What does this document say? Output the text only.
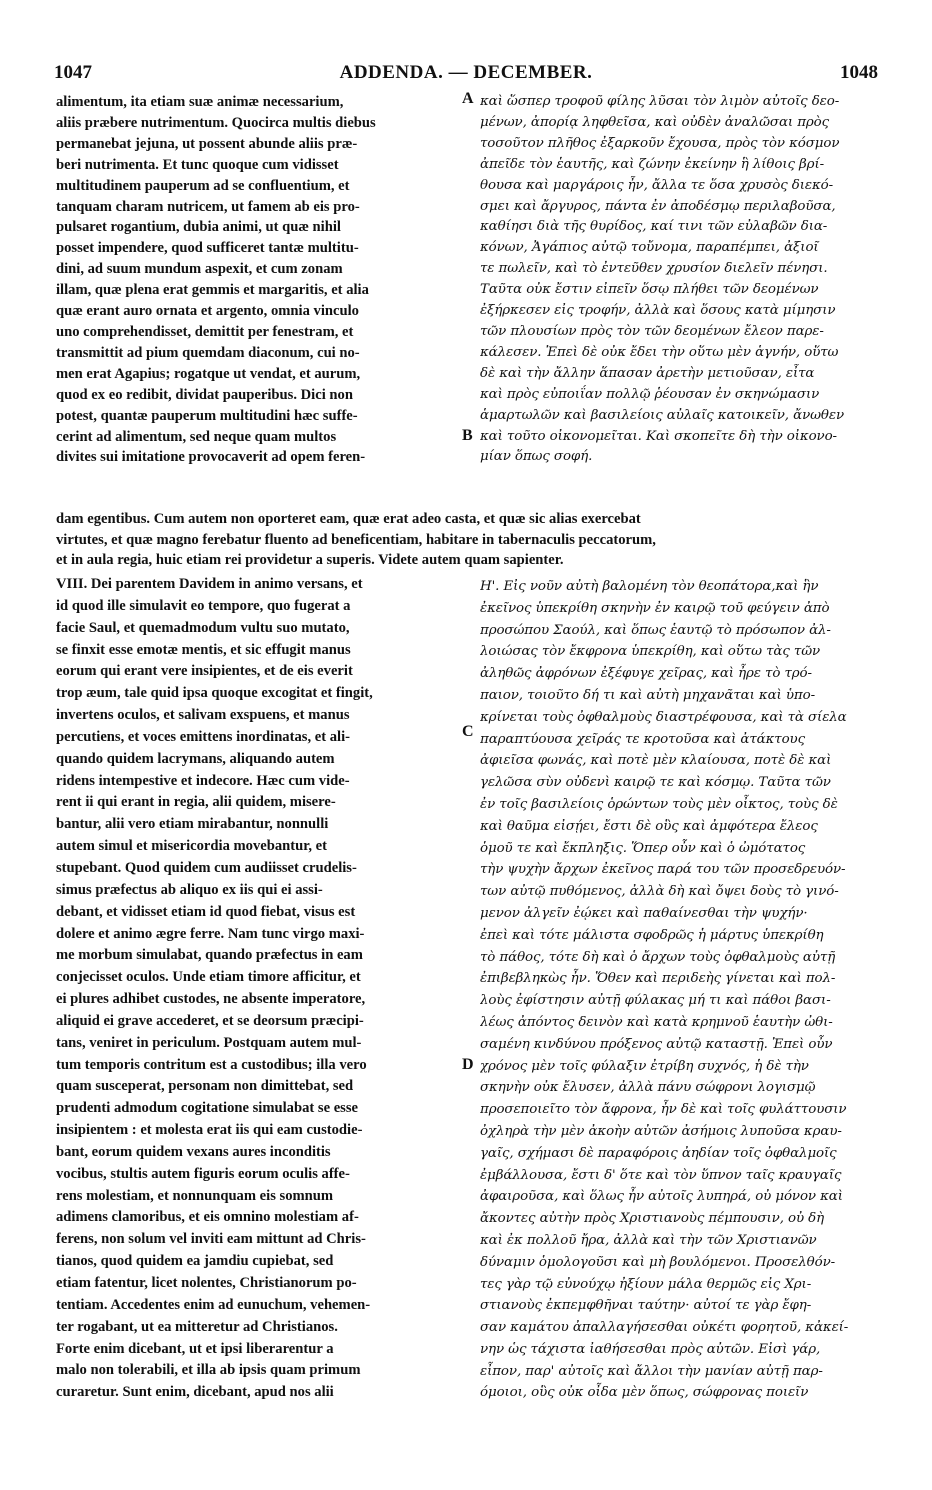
1047	ADDENDA. — DECEMBER.	1048
alimentum, ita etiam suæ animæ necessarium,
aliis præbere nutrimentum. Quocirca multis diebus
permanebat jejuna, ut possent abunde aliis præ-
beri nutrimenta. Et tunc quoque cum vidisset
multitudinem pauperum ad se confluentium, et
tanquam charam nutricem, ut famem ab eis pro-
pulsaret rogantium, dubia animi, ut quæ nihil
posset impendere, quod sufficeret tantæ multitu-
dini, ad suum mundum aspexit, et cum zonam
illam, quæ plena erat gemmis et margaritis, et alia
quæ erant auro ornata et argento, omnia vinculo
uno comprehendisset, demittit per fenestram, et
transmittit ad pium quemdam diaconum, cui no-
men erat Agapius; rogatque ut vendat, et aurum,
quod ex eo redibit, dividat pauperibus. Dici non
potest, quantæ pauperum multitudini hæc suffe-
cerint ad alimentum, sed neque quam multos
divites sui imitatione provocaverit ad opem feren-
καὶ ὥσπερ τροφοῦ φίλης λῦσαι τὸν λιμὸν αὐτοῖς δεο-
μένων, ἀπορίᾳ ληφθεῖσα, καὶ οὐδὲν ἀναλῶσαι πρὸς
τοσοῦτον πλῆθος ἐξαρκοῦν ἔχουσα, πρὸς τὸν κόσμον
ἀπεῖδε τὸν ἑαυτῆς, καὶ ζώνην ἐκείνην ἣ λίθοις βρί-
θουσα καὶ μαργάροις ἦν, ἄλλα τε ὅσα χρυσὸς διεκό-
σμει καὶ ἄργυρος, πάντα ἐν ἀποδέσμῳ περιλαβοῦσα,
καθίησι διὰ τῆς θυρίδος, καί τινι τῶν εὐλαβῶν δια-
κόνων, Ἀγάπιος αὐτῷ τοὔνομα, παραπέμπει, ἀξιοῖ
τε πωλεῖν, καὶ τὸ ἐντεῦθεν χρυσίον διελεῖν πένησι.
Ταῦτα οὐκ ἔστιν εἰπεῖν ὅσῳ πλήθει τῶν δεομένων
ἐξήρκεσεν εἰς τροφήν, ἀλλὰ καὶ ὅσους κατὰ μίμησιν
τῶν πλουσίων πρὸς τὸν τῶν δεομένων ἔλεον παρε-
κάλεσεν. Ἐπεὶ δὲ οὐκ ἔδει τὴν οὕτω μὲν ἁγνήν, οὕτω
δὲ καὶ τὴν ἄλλην ἅπασαν ἀρετὴν μετιοῦσαν, εἶτα
καὶ πρὸς εὐποιΐαν πολλῷ ῥέουσαν ἐν σκηνώμασιν
ἁμαρτωλῶν καὶ βασιλείοις αὐλαῖς κατοικεῖν, ἄνωθεν
καὶ τοῦτο οἰκονομεῖται. Καὶ σκοπεῖτε δὴ τὴν οἰκονο-
μίαν ὅπως σοφή.
dam egentibus. Cum autem non oporteret eam, quæ erat adeo casta, et quæ sic alias exercebat
virtutes, et quæ magno ferebatur fluento ad beneficentiam, habitare in tabernaculis peccatorum,
et in aula regia, huic etiam rei providetur a superis. Videte autem quam sapienter.
VIII. Dei parentem Davidem in animo versans, et
id quod ille simulavit eo tempore, quo fugerat a
facie Saul, et quemadmodum vultu suo mutato,
se finxit esse emotæ mentis, et sic effugit manus
eorum qui erant vere insipientes, et de eis everit
trop æum, tale quid ipsa quoque excogitat et fingit,
invertens oculos, et salivam exspuens, et manus
percutiens, et voces emittens inordinatas, et ali-
quando quidem lacrymans, aliquando autem
ridens intempestive et indecore. Hæc cum vide-
rent ii qui erant in regia, alii quidem, misere-
bantur, alii vero etiam mirabantur, nonnulli
autem simul et misericordia movebantur, et
stupebant. Quod quidem cum audiisset crudelis-
simus præfectus ab aliquo ex iis qui ei assi-
debant, et vidisset etiam id quod fiebat, visus est
dolere et animo ægre ferre. Nam tunc virgo maxi-
me morbum simulabat, quando præfectus in eam
conjecisset oculos. Unde etiam timore afficitur, et
ei plures adhibet custodes, ne absente imperatore,
aliquid ei grave accederet, et se deorsum præcipi-
tans, veniret in periculum. Postquam autem mul-
tum temporis contritum est a custodibus; illa vero
quam susceperat, personam non dimittebat, sed
prudenti admodum cogitatione simulabat se esse
insipientem : et molesta erat iis qui eam custodie-
bant, eorum quidem vexans aures inconditis
vocibus, stultis autem figuris eorum oculis affe-
rens molestiam, et nonnunquam eis somnum
adimens clamoribus, et eis omnino molestiam af-
ferens, non solum vel inviti eam mittunt ad Chris-
tianos, quod quidem ea jamdiu cupiebat, sed
etiam fatentur, licet nolentes, Christianorum po-
tentiam. Accedentes enim ad eunuchum, vehemen-
ter rogabant, ut ea mitteretur ad Christianos.
Forte enim dicebant, ut et ipsi liberarentur a
malo non tolerabili, et illa ab ipsis quam primum
curaretur. Sunt enim, dicebant, apud nos alii
Η'. Εἰς νοῦν αὐτὴ βαλομένη τὸν θεοπάτορα,καὶ ἣν
ἐκεῖνος ὑπεκρίθη σκηνὴν ἐν καιρῷ τοῦ φεύγειν ἀπὸ
προσώπου Σαούλ, καὶ ὅπως ἑαυτῷ τὸ πρόσωπον ἀλ-
λοιώσας τὸν ἔκφρονα ὑπεκρίθη, καὶ οὕτω τὰς τῶν
ἀληθῶς ἀφρόνων ἐξέφυγε χεῖρας, καὶ ἦρε τὸ τρό-
παιον, τοιοῦτο δή τι καὶ αὐτὴ μηχανᾶται καὶ ὑπο-
κρίνεται τοὺς ὀφθαλμοὺς διαστρέφουσα, καὶ τὰ σίελα
παραπτύουσα χεῖράς τε κροτοῦσα καὶ ἀτάκτους
ἀφιεῖσα φωνάς, καὶ ποτὲ μὲν κλαίουσα, ποτὲ δὲ καὶ
γελῶσα σὺν οὐδενὶ καιρῷ τε καὶ κόσμῳ. Ταῦτα τῶν
ἐν τοῖς βασιλείοις ὁρώντων τοὺς μὲν οἶκτος, τοὺς δὲ
καὶ θαῦμα εἰσῄει, ἔστι δὲ οὓς καὶ ἀμφότερα ἔλεος
ὁμοῦ τε καὶ ἔκπληξις. Ὅπερ οὖν καὶ ὁ ὠμότατος
τὴν ψυχὴν ἄρχων ἐκεῖνος παρά του τῶν προσεδρευόν-
των αὐτῷ πυθόμενος, ἀλλὰ δὴ καὶ ὄψει δοὺς τὸ γινό-
μενον ἀλγεῖν ἐῴκει καὶ παθαίνεσθαι τὴν ψυχήν·
ἐπεὶ καὶ τότε μάλιστα σφοδρῶς ἡ μάρτυς ὑπεκρίθη
τὸ πάθος, τότε δὴ καὶ ὁ ἄρχων τοὺς ὀφθαλμοὺς αὐτῇ
ἐπιβεβληκὼς ἦν. Ὅθεν καὶ περιδεὴς γίνεται καὶ πολ-
λοὺς ἐφίστησιν αὐτῇ φύλακας μή τι καὶ πάθοι βασι-
λέως ἀπόντος δεινὸν καὶ κατὰ κρημνοῦ ἑαυτὴν ὠθι-
σαμένη κινδύνου πρόξενος αὐτῷ καταστῇ. Ἐπεὶ οὖν
χρόνος μὲν τοῖς φύλαξιν ἐτρίβη συχνός, ἡ δὲ τὴν
σκηνὴν οὐκ ἔλυσεν, ἀλλὰ πάνυ σώφρονι λογισμῷ
προσεποιεῖτο τὸν ἄφρονα, ἦν δὲ καὶ τοῖς φυλάττουσιν
ὀχληρὰ τὴν μὲν ἀκοὴν αὐτῶν ἀσήμοις λυποῦσα κραυ-
γαῖς, σχήμασι δὲ παραφόροις ἀηδίαν τοῖς ὀφθαλμοῖς
ἐμβάλλουσα, ἔστι δ' ὅτε καὶ τὸν ὕπνον ταῖς κραυγαῖς
ἀφαιροῦσα, καὶ ὅλως ἦν αὐτοῖς λυπηρά, οὐ μόνον καὶ
ἄκοντες αὐτὴν πρὸς Χριστιανοὺς πέμπουσιν, οὐ δὴ
καὶ ἐκ πολλοῦ ἤρα, ἀλλὰ καὶ τὴν τῶν Χριστιανῶν
δύναμιν ὁμολογοῦσι καὶ μὴ βουλόμενοι. Προσελθόν-
τες γὰρ τῷ εὐνούχῳ ἠξίουν μάλα θερμῶς εἰς Χρι-
στιανοὺς ἐκπεμφθῆναι ταύτην· αὐτοί τε γὰρ ἔφη-
σαν καμάτου ἀπαλλαγήσεσθαι οὐκέτι φορητοῦ, κἀκεί-
νην ὡς τάχιστα ἰαθήσεσθαι πρὸς αὐτῶν. Εἰσὶ γάρ,
εἶπον, παρ' αὐτοῖς καὶ ἄλλοι τὴν μανίαν αὐτῇ παρ-
όμοιοι, οὓς οὐκ οἶδα μὲν ὅπως, σώφρονας ποιεῖν
A
B
C
D
